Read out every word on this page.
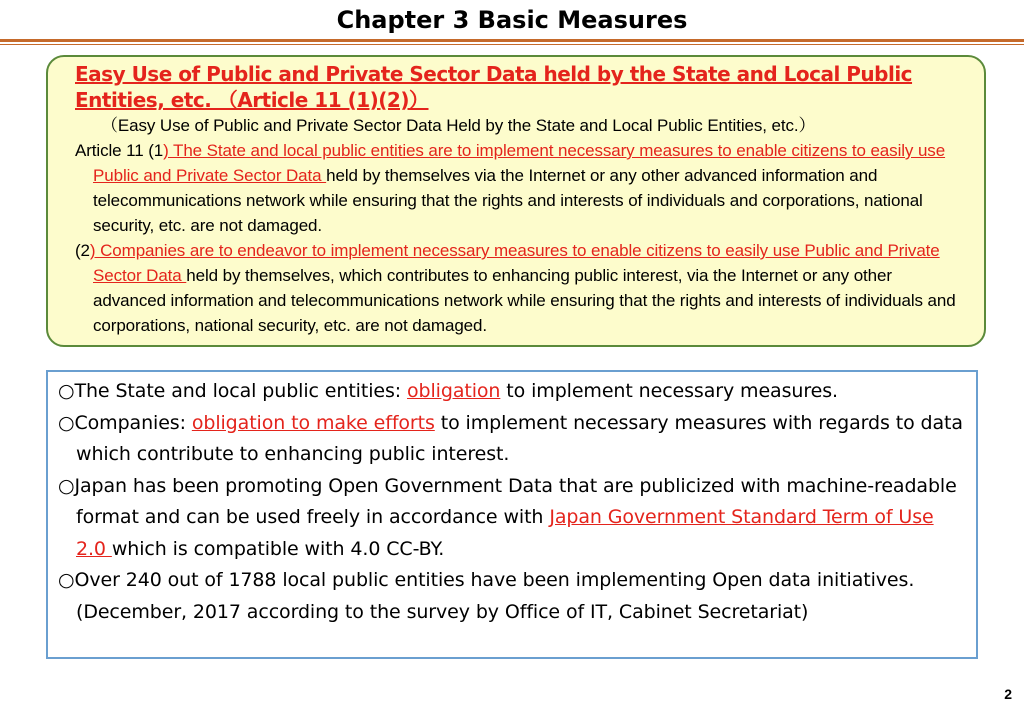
Chapter 3 Basic Measures

Easy Use of Public and Private Sector Data held by the State and Local Public Entities, etc. （Article 11 (1)(2)）

（Easy Use of Public and Private Sector Data Held by the State and Local Public Entities, etc.）

Article 11 (1) The State and local public entities are to implement necessary measures to enable citizens to easily use Public and Private Sector Data held by themselves via the Internet or any other advanced information and telecommunications network while ensuring that the rights and interests of individuals and corporations, national security, etc. are not damaged.

(2) Companies are to endeavor to implement necessary measures to enable citizens to easily use Public and Private Sector Data held by themselves, which contributes to enhancing public interest, via the Internet or any other advanced information and telecommunications network while ensuring that the rights and interests of individuals and corporations, national security, etc. are not damaged.

○The State and local public entities: obligation to implement necessary measures.

○Companies: obligation to make efforts to implement necessary measures with regards to data which contribute to enhancing public interest.

○Japan has been promoting Open Government Data that are publicized with machine-readable format and can be used freely in accordance with Japan Government Standard Term of Use 2.0 which is compatible with 4.0 CC-BY.

○Over 240 out of 1788 local public entities have been implementing Open data initiatives. (December, 2017 according to the survey by Office of IT, Cabinet Secretariat)

2
